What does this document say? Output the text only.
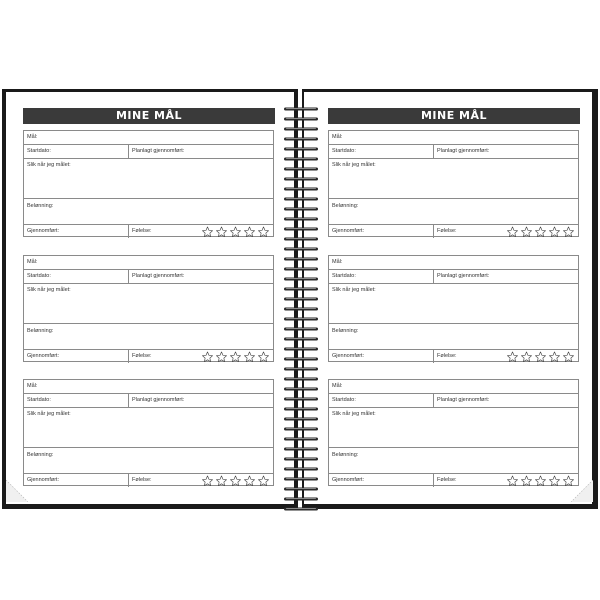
MINE MÅL	MINE MÅL
Mål:
Startdato:	Planlagt gjennomført:
Slik når jeg målet:
Belønning:
Gjennomført:	Følelse:
Mål:
Startdato:	Planlagt gjennomført:
Slik når jeg målet:
Belønning:
Gjennomført:	Følelse:
Mål:
Startdato:	Planlagt gjennomført:
Slik når jeg målet:
Belønning:
Gjennomført:	Følelse:
Mål:
Startdato:	Planlagt gjennomført:
Slik når jeg målet:
Belønning:
Gjennomført:	Følelse:
Mål:
Startdato:	Planlagt gjennomført:
Slik når jeg målet:
Belønning:
Gjennomført:	Følelse:
Mål:
Startdato:	Planlagt gjennomført:
Slik når jeg målet:
Belønning:
Gjennomført:	Følelse:
